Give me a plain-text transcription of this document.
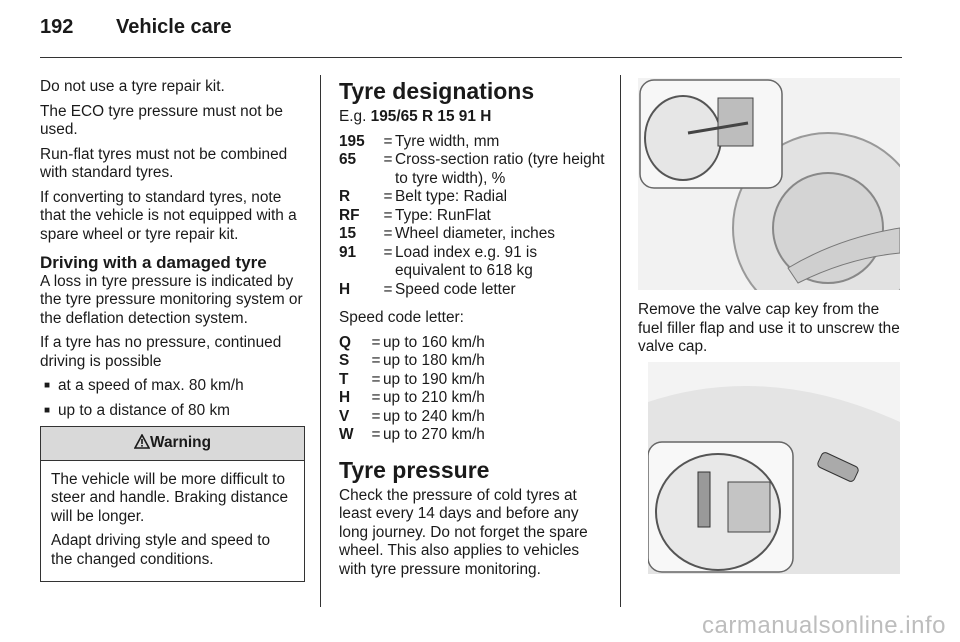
192 Vehicle care

Do not use a tyre repair kit.

The ECO tyre pressure must not be used.

Run-flat tyres must not be combined with standard tyres.

If converting to standard tyres, note that the vehicle is not equipped with a spare wheel or tyre repair kit.

Driving with a damaged tyre

A loss in tyre pressure is indicated by the tyre pressure monitoring system or the deflation detection system.

If a tyre has no pressure, continued driving is possible

■ at a speed of max. 80 km/h
■ up to a distance of 80 km
Warning

The vehicle will be more difficult to steer and handle. Braking distance will be longer.

Adapt driving style and speed to the changed conditions.

Tyre designations

E.g. 195/65 R 15 91 H

195	= Tyre width, mm
65	= Cross-section ratio (tyre height to tyre width), %
R	= Belt type: Radial
RF	= Type: RunFlat
15	= Wheel diameter, inches
91	= Load index e.g. 91 is equivalent to 618 kg
H	= Speed code letter

Speed code letter:

Q	= up to 160 km/h
S	= up to 180 km/h
T	= up to 190 km/h
H	= up to 210 km/h
V	= up to 240 km/h
W	= up to 270 km/h
Tyre pressure

Check the pressure of cold tyres at least every 14 days and before any long journey. Do not forget the spare wheel. This also applies to vehicles with tyre pressure monitoring.

Remove the valve cap key from the fuel filler flap and use it to unscrew the valve cap.

carmanualsonline.info
